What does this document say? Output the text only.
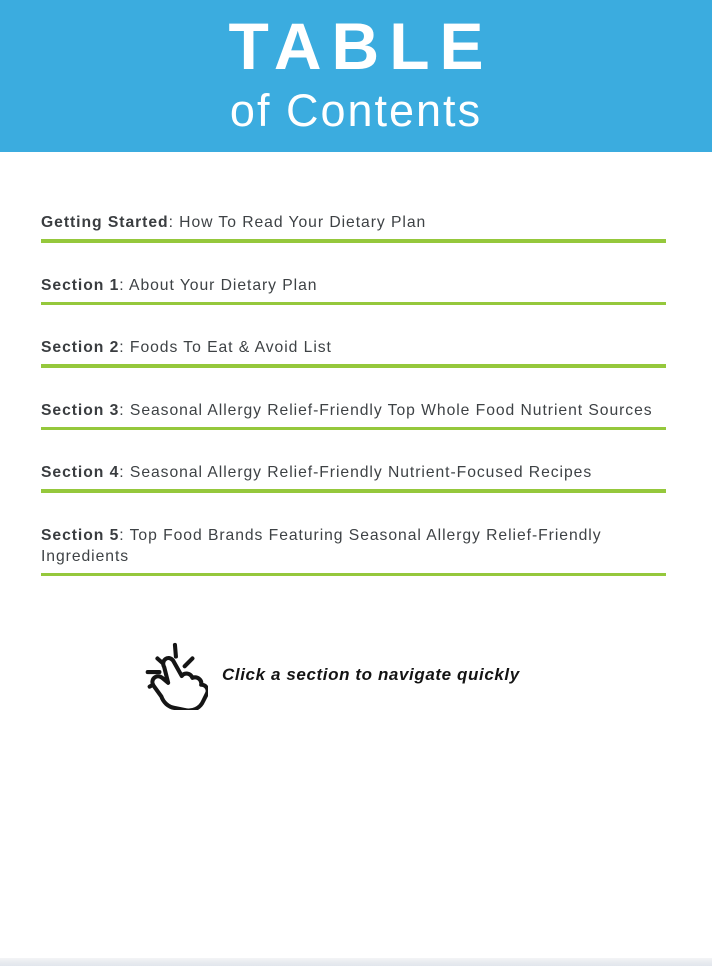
TABLE
of Contents

Getting Started: How To Read Your Dietary Plan

Section 1: About Your Dietary Plan

Section 2: Foods To Eat & Avoid List

Section 3: Seasonal Allergy Relief-Friendly Top Whole Food Nutrient Sources

Section 4: Seasonal Allergy Relief-Friendly Nutrient-Focused Recipes

Section 5: Top Food Brands Featuring Seasonal Allergy Relief-Friendly Ingredients

Click a section to navigate quickly
